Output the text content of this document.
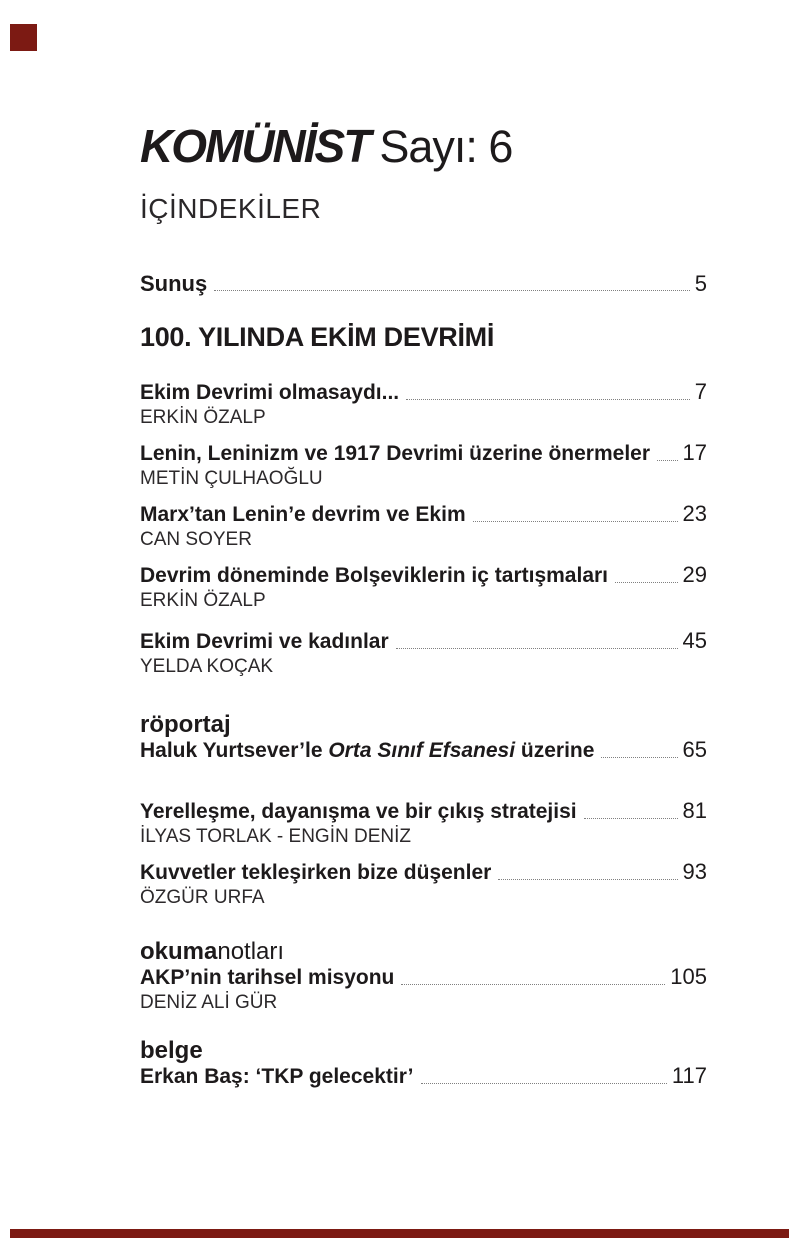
KOMÜNİST Sayı: 6
İÇİNDEKİLER
Sunuş	5
100. YILINDA EKİM DEVRİMİ
Ekim Devrimi olmasaydı...	7
ERKİN ÖZALP
Lenin, Leninizm ve 1917 Devrimi üzerine önermeler 17
METİN ÇULHAOĞLU
Marx’tan Lenin’e devrim ve Ekim	23
CAN SOYER
Devrim döneminde Bolşeviklerin iç tartışmaları	29
ERKİN ÖZALP
Ekim Devrimi ve kadınlar	45
YELDA KOÇAK
röportaj
Haluk Yurtsever’le Orta Sınıf Efsanesi üzerine	65
Yerelleşme, dayanışma ve bir çıkış stratejisi	81
İLYAS TORLAK - ENGİN DENİZ
Kuvvetler tekleşirken bize düşenler	93
ÖZGÜR URFA
okumanotları
AKP’nin tarihsel misyonu	105
DENİZ ALİ GÜR
belge
Erkan Baş: ‘TKP gelecektir’	117
